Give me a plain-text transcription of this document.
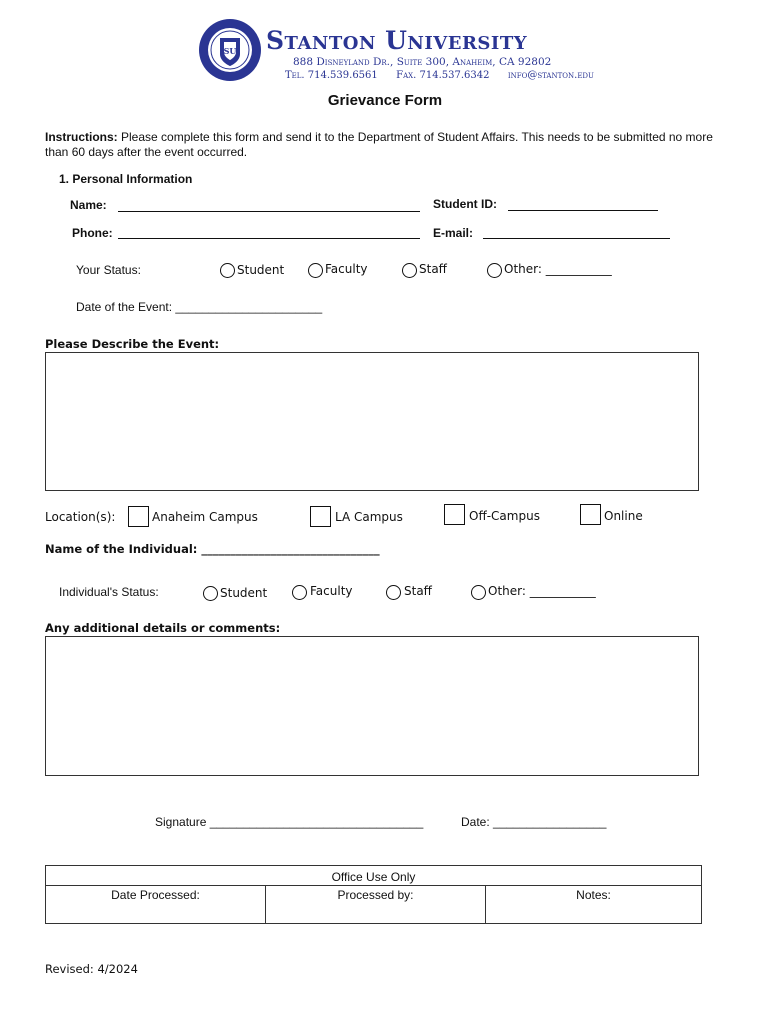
SU Stanton University
888 Disneyland Dr., Suite 300, Anaheim, CA 92802
Tel. 714.539.6561 Fax. 714.537.6342 info@stanton.edu
Grievance Form
Instructions: Please complete this form and send it to the Department of Student Affairs. This needs to be submitted no more than 60 days after the event occurred.
1. Personal Information
Name:	Student ID:
Phone:	E-mail:
Your Status:	Student	Faculty	Staff	Other: ___________
Date of the Event: ______________________
Please Describe the Event:
Location(s):	Anaheim Campus	LA Campus	Off-Campus	Online
Name of the Individual: _______________________________
Individual's Status:	Student	Faculty	Staff	Other: ___________
Any additional details or comments:
Signature ________________________________	Date: _________________
Office Use Only
Date Processed:	Processed by:	Notes:
Revised: 4/2024
